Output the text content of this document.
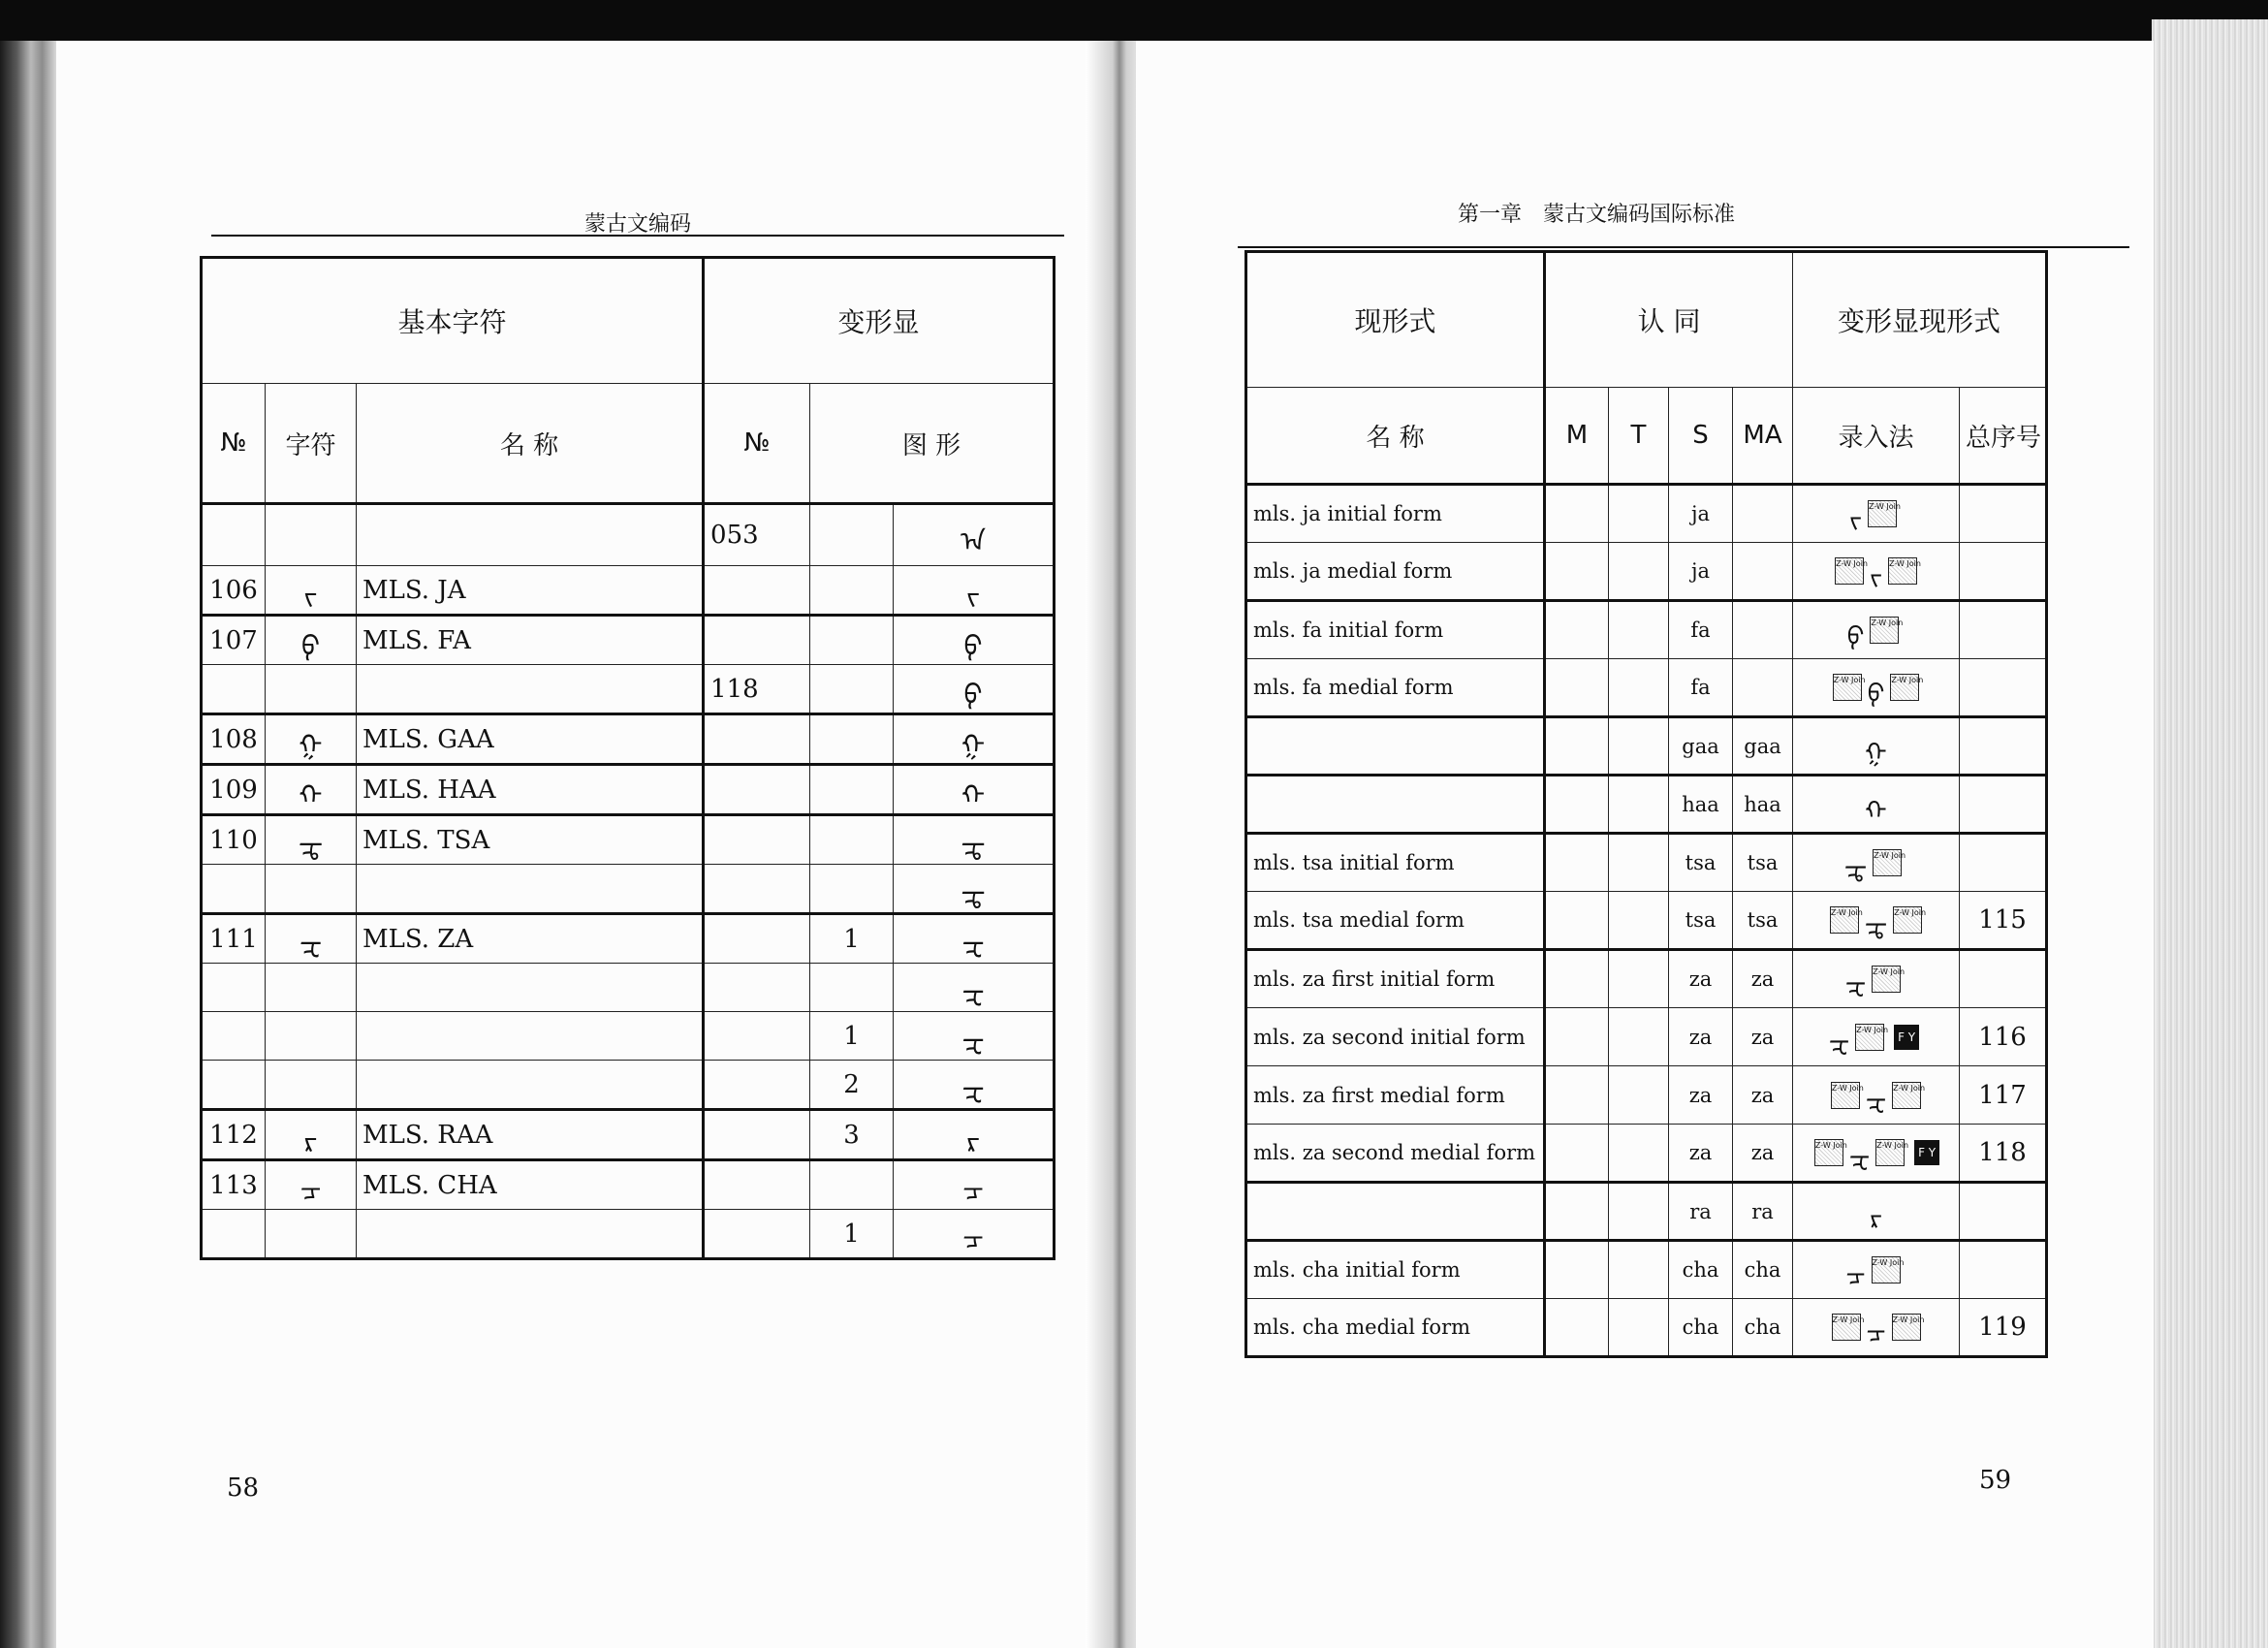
蒙古文编码
基本字符			变形显		
№	字符	名 称	№	图 形	
			053		ᠠ
106	ᠵ	MLS. JA			ᠵ
107	ᠹ	MLS. FA			ᠹ
			118		ᠹ
108	ᠭ	MLS. GAA			ᠭ
109	ᠬ	MLS. HAA			ᠬ
110	ᠼ	MLS. TSA			ᠼ
					ᠼ
111	ᠽ	MLS. ZA		1	ᠽ
					ᠽ
				1	ᠽ
				2	ᠽ
112	ᠷ	MLS. RAA		3	ᠷ
113	ᠴ	MLS. CHA			ᠴ
				1	ᠴ
58
第一章　蒙古文编码国际标准
现形式	认 同				变形显现形式	
名 称	M	T	S	MA	录入法	总序号
mls. ja initial form			ja		ᠵ Z-W Join	
mls. ja medial form			ja		Z-W Joinᠵ Z-W Join	
mls. fa initial form			fa		ᠹ Z-W Join	
mls. fa medial form			fa		Z-W Joinᠹ Z-W Join	
			gaa	gaa	ᠭ	
			haa	haa	ᠬ	
mls. tsa initial form			tsa	tsa	ᠼ Z-W Join	
mls. tsa medial form			tsa	tsa	Z-W Joinᠼ Z-W Join	115
mls. za first initial form			za	za	ᠽ Z-W Join	
mls. za second initial form			za	za	ᠽ Z-W JoinF Y	116
mls. za first medial form			za	za	Z-W Joinᠽ Z-W Join	117
mls. za second medial form			za	za	Z-W Joinᠽ Z-W JoinF Y	118
			ra	ra	ᠷ	
mls. cha initial form			cha	cha	ᠴ Z-W Join	
mls. cha medial form			cha	cha	Z-W Joinᠴ Z-W Join	119
59
